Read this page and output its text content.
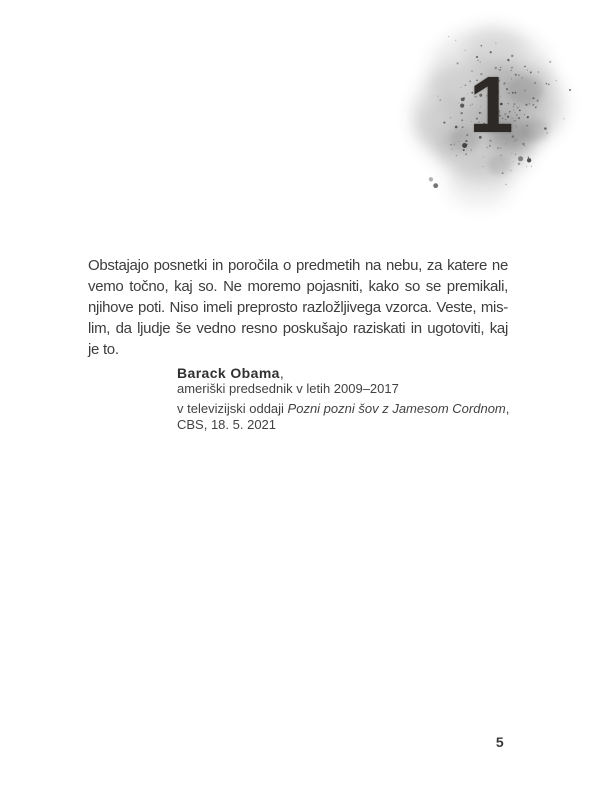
1
Obstajajo posnetki in poročila o predmetih na nebu, za katere ne
vemo točno, kaj so. Ne moremo pojasniti, kako so se premikali,
njihove poti. Niso imeli preprosto razložljivega vzorca. Veste, mis-
lim, da ljudje še vedno resno poskušajo raziskati in ugotoviti, kaj
je to.
Barack Obama,
ameriški predsednik v letih 2009–2017
v televizijski oddaji Pozni pozni šov z Jamesom Cordnom,
CBS, 18. 5. 2021
5
